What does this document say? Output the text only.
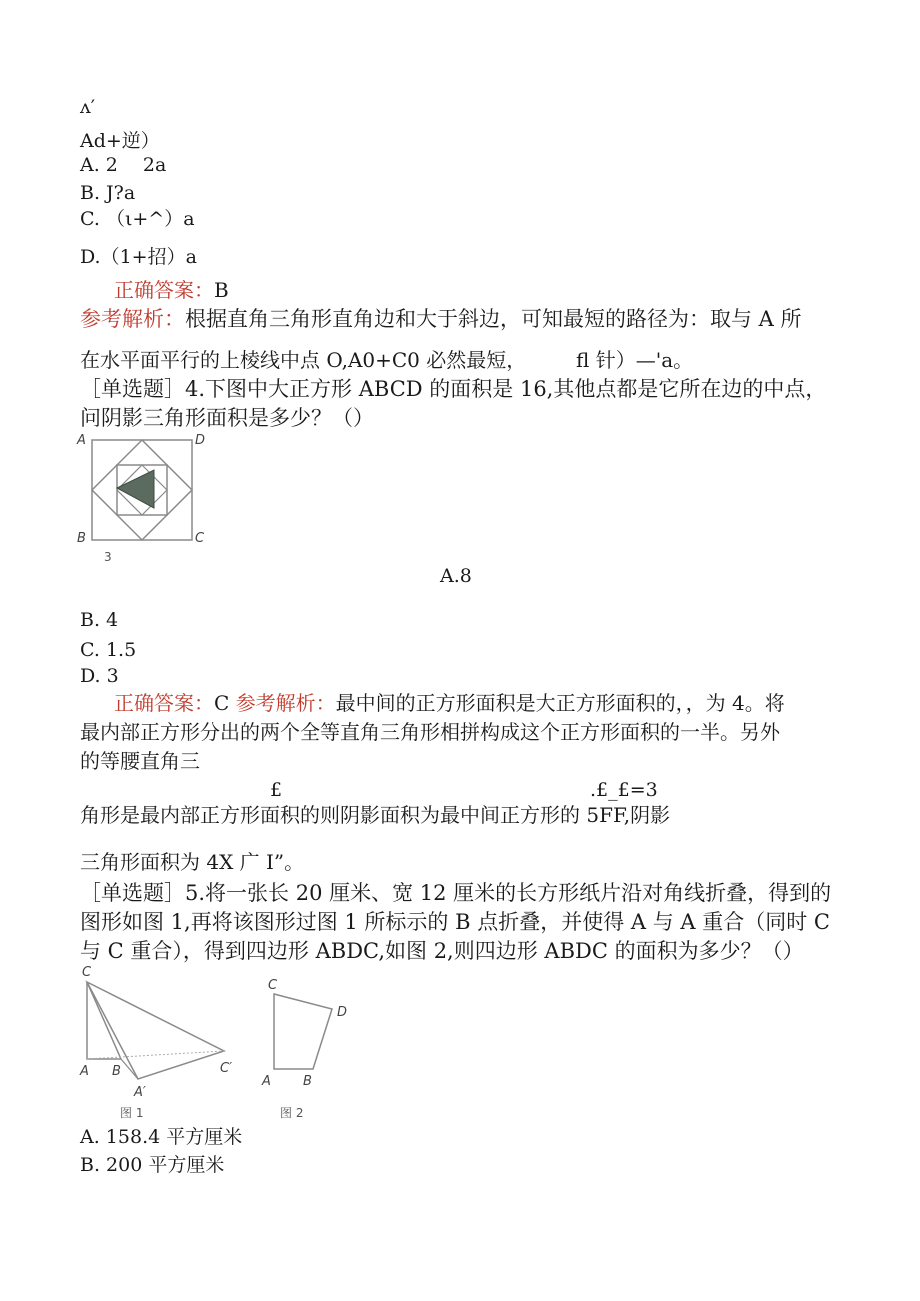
ʌ′
Ad+逆）
A. 2　 2a
B. J?a
C. （ι+^）a
D.（1+招）a
正确答案：B
参考解析：根据直角三角形直角边和大于斜边，可知最短的路径为：取与 A 所
在水平面平行的上棱线中点 O,A0+C0 必然最短， fl 针）—'a。
［单选题］4.下图中大正方形 ABCD 的面积是 16,其他点都是它所在边的中点，
问阴影三角形面积是多少？（）
A	D
B	C
3
A.8
B. 4
C. 1.5
D. 3
正确答案：C 参考解析：最中间的正方形面积是大正方形面积的，，为 4。将
最内部正方形分出的两个全等直角三角形相拼构成这个正方形面积的一半。另外
的等腰直角三
£	.£_£=3
角形是最内部正方形面积的则阴影面积为最中间正方形的 5FF,阴影
三角形面积为 4X 广 I”。
［单选题］5.将一张长 20 厘米、宽 12 厘米的长方形纸片沿对角线折叠，得到的
图形如图 1,再将该图形过图 1 所标示的 B 点折叠，并使得 A 与 A 重合（同时 C
与 C 重合），得到四边形 ABDC,如图 2,则四边形 ABDC 的面积为多少？（）
C
A B
A′
C′
图 1
C
D
A B
图 2
A. 158.4 平方厘米
B. 200 平方厘米
